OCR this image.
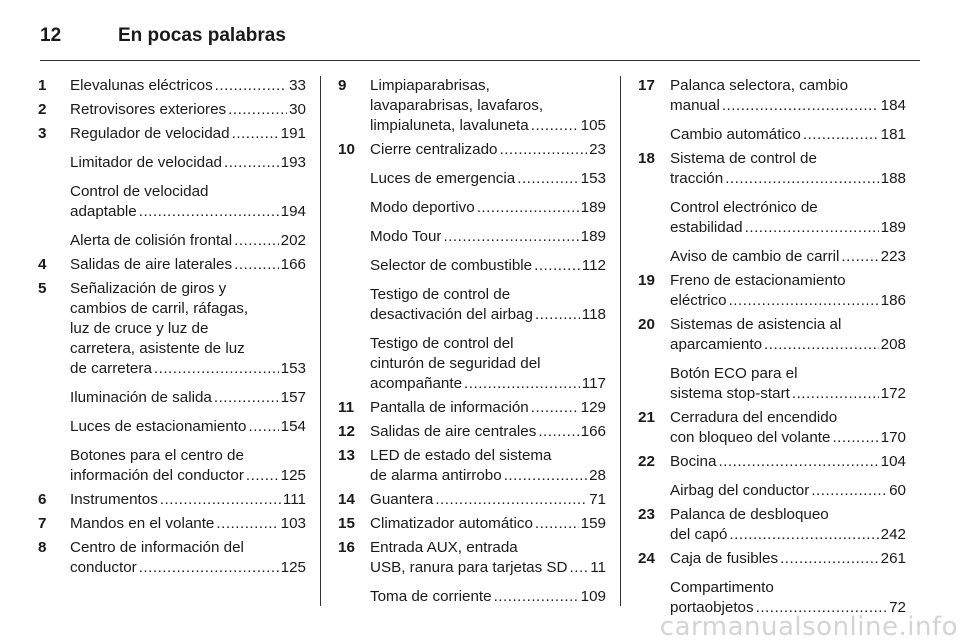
12	En pocas palabras
1	Elevalunas eléctricos .....	33
2	Retrovisores exteriores .....	30
3	Regulador de velocidad .....	191
Limitador de velocidad .....	193
Control de velocidad
adaptable .....	194
Alerta de colisión frontal .....	202
4	Salidas de aire laterales .....	166
5	Señalización de giros y
cambios de carril, ráfagas,
luz de cruce y luz de
carretera, asistente de luz
de carretera .....	153
Iluminación de salida .....	157
Luces de estacionamiento ..... 154
Botones para el centro de
información del conductor ..... 125
6	Instrumentos .....	111
7	Mandos en el volante .....	103
8	Centro de información del
conductor .....	125
9	Limpiaparabrisas,
lavaparabrisas, lavafaros,
limpialuneta, lavaluneta .....	105
10 Cierre centralizado .....	23
Luces de emergencia .....	153
Modo deportivo .....	189
Modo Tour .....	189
Selector de combustible .....	112
Testigo de control de
desactivación del airbag .....	118
Testigo de control del
cinturón de seguridad del
acompañante .....	117
11	Pantalla de información .....	129
12 Salidas de aire centrales .....	166
13 LED de estado del sistema
de alarma antirrobo .....	28
14 Guantera .....	71
15 Climatizador automático .....	159
16 Entrada AUX, entrada
USB, ranura para tarjetas SD ..... 11
Toma de corriente .....	109
17 Palanca selectora, cambio
manual .....	184
Cambio automático .....	181
18 Sistema de control de
tracción .....	188
Control electrónico de
estabilidad .....	189
Aviso de cambio de carril .....	223
19 Freno de estacionamiento
eléctrico .....	186
20 Sistemas de asistencia al
aparcamiento .....	208
Botón ECO para el
sistema stop-start .....	172
21 Cerradura del encendido
con bloqueo del volante .....	170
22 Bocina .....	104
Airbag del conductor .....	60
23 Palanca de desbloqueo
del capó .....	242
24 Caja de fusibles .....	261
Compartimento
portaobjetos .....	72
carmanualsonline.info
